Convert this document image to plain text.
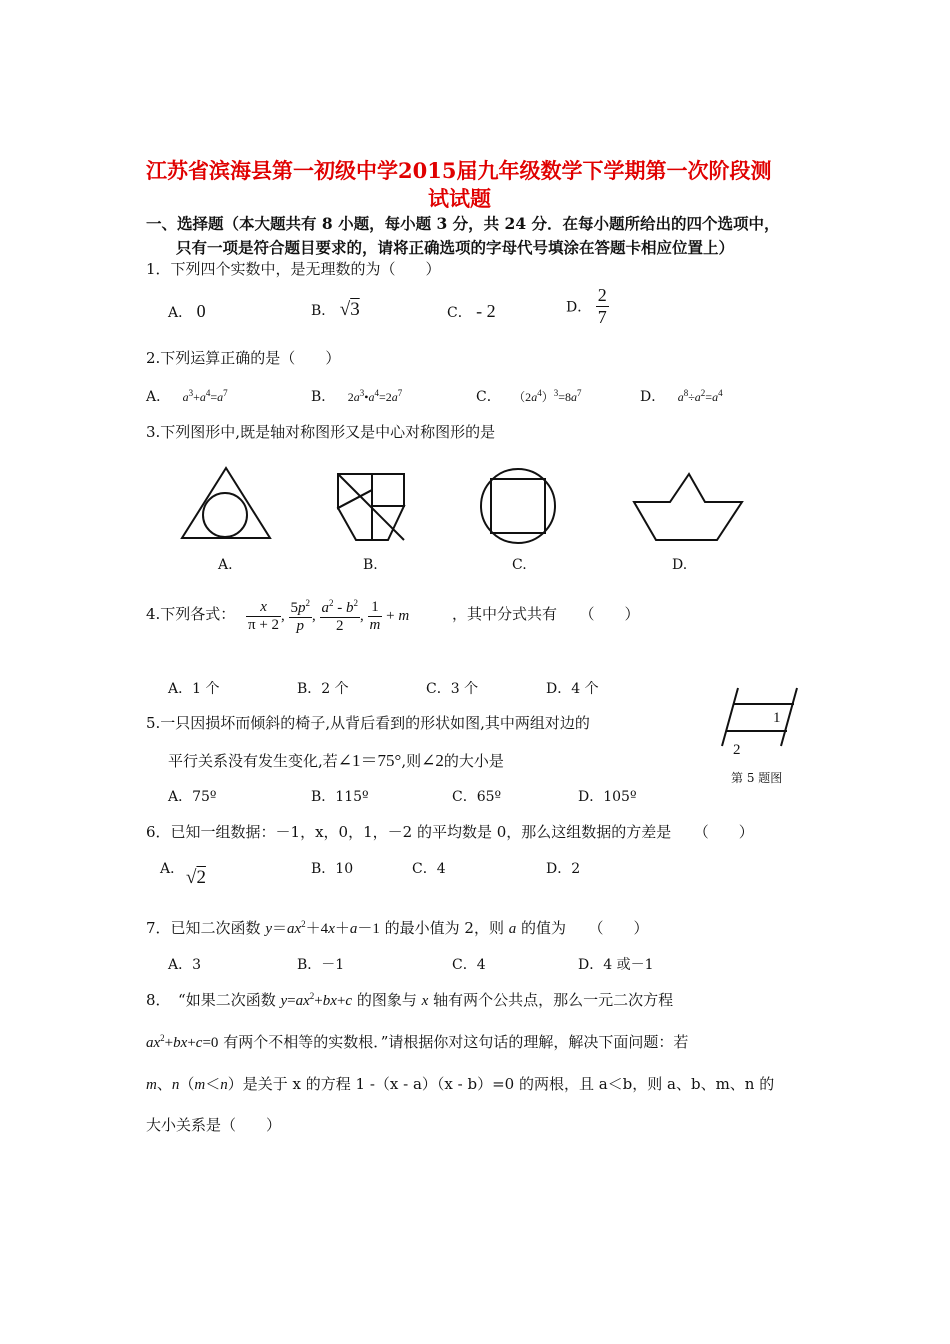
江苏省滨海县第一初级中学2015届九年级数学下学期第一次阶段测
试试题
一、选择题（本大题共有 8 小题，每小题 3 分，共 24 分．在每小题所给出的四个选项中，
只有一项是符合题目要求的，请将正确选项的字母代号填涂在答题卡相应位置上）
1．下列四个实数中，是无理数的为（　　）
A． 0	B． √3	C． - 2	D． $\frac{2}{7}$
2.下列运算正确的是（　　）
A． $a^3+a^4=a^7$	B． $2a^3•a^4=2a^7$	C． $(2a^4)^3=8a^7$	D． $a^8\div a^2=a^4$
3.下列图形中,既是轴对称图形又是中心对称图形的是
A.	B.	C.	D.
4.下列各式： $\frac{x}{\pi + 2}$ , $\frac{5p^2}{p}$ , $\frac{a^2 - b^2}{2}$ , $\frac{1}{m} + m$	，其中分式共有　　（　　）
A．1 个	B．2 个	C．3 个	D．4 个
5.一只因损坏而倾斜的椅子,从背后看到的形状如图,其中两组对边的
平行关系没有发生变化,若∠1＝75°,则∠2的大小是
1
2
第 5 题图
A．75º	B．115º	C．65º	D．105º
6．已知一组数据：－1，x，0，1，－2 的平均数是 0，那么这组数据的方差是　　（　　）
A． √2	B．10	C．4	D．2
7．已知二次函数 $y=ax^2+4x+a-1$ 的最小值为 2，则 a 的值为　　（　　）
A．3	B．－1	C．4	D．4 或－1
8．　“如果二次函数 $y=ax^2+bx+c$ 的图象与 x 轴有两个公共点，那么一元二次方程
$ax^2+bx+c=0$ 有两个不相等的实数根．”请根据你对这句话的理解，解决下面问题：若
m、n（m＜n）是关于 x 的方程 1 -（x - a）（x - b）=0 的两根，且 a＜b，则 a、b、m、n 的
大小关系是（　　）
